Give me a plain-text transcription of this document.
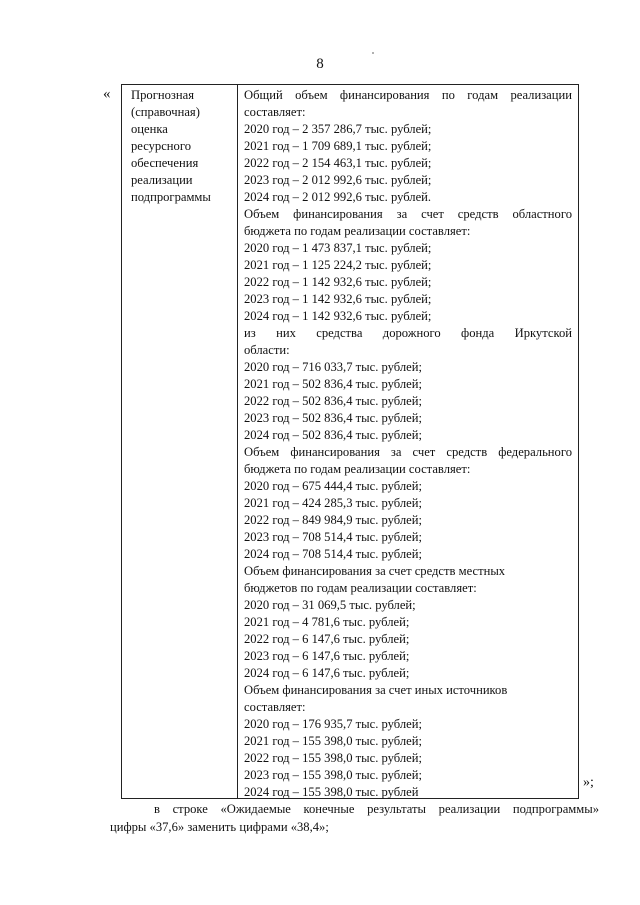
8
« Прогнозная
(справочная)
оценка
ресурсного
обеспечения
реализации
подпрограммы
Общий объем финансирования по годам реализации
составляет:
2020 год – 2 357 286,7 тыс. рублей;
2021 год – 1 709 689,1 тыс. рублей;
2022 год – 2 154 463,1 тыс. рублей;
2023 год – 2 012 992,6 тыс. рублей;
2024 год – 2 012 992,6 тыс. рублей.
Объем финансирования за счет средств областного
бюджета по годам реализации составляет:
2020 год – 1 473 837,1 тыс. рублей;
2021 год – 1 125 224,2 тыс. рублей;
2022 год – 1 142 932,6 тыс. рублей;
2023 год – 1 142 932,6 тыс. рублей;
2024 год – 1 142 932,6 тыс. рублей;
из них средства дорожного фонда Иркутской
области:
2020 год – 716 033,7 тыс. рублей;
2021 год – 502 836,4 тыс. рублей;
2022 год – 502 836,4 тыс. рублей;
2023 год – 502 836,4 тыс. рублей;
2024 год – 502 836,4 тыс. рублей;
Объем финансирования за счет средств федерального
бюджета по годам реализации составляет:
2020 год – 675 444,4 тыс. рублей;
2021 год – 424 285,3 тыс. рублей;
2022 год – 849 984,9 тыс. рублей;
2023 год – 708 514,4 тыс. рублей;
2024 год – 708 514,4 тыс. рублей;
Объем финансирования за счет средств местных
бюджетов по годам реализации составляет:
2020 год – 31 069,5 тыс. рублей;
2021 год – 4 781,6 тыс. рублей;
2022 год – 6 147,6 тыс. рублей;
2023 год – 6 147,6 тыс. рублей;
2024 год – 6 147,6 тыс. рублей;
Объем финансирования за счет иных источников
составляет:
2020 год – 176 935,7 тыс. рублей;
2021 год – 155 398,0 тыс. рублей;
2022 год – 155 398,0 тыс. рублей;
2023 год – 155 398,0 тыс. рублей;
2024 год – 155 398,0 тыс. рублей
»;
в строке «Ожидаемые конечные результаты реализации подпрограммы»
цифры «37,6» заменить цифрами «38,4»;
